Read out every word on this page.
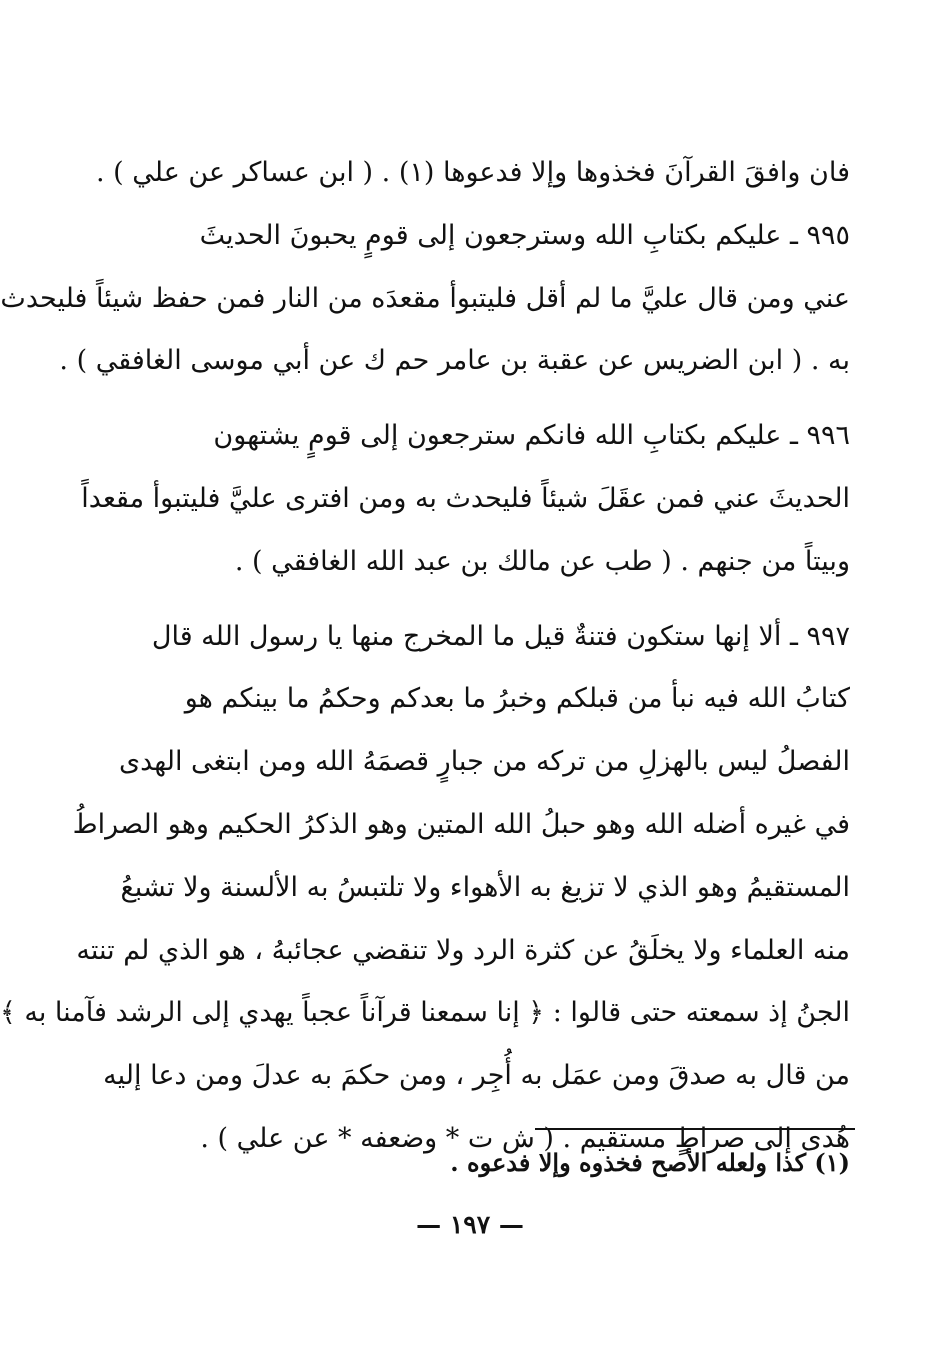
فان وافقَ القرآنَ فخذوها وإلا فدعوها (١) . ( ابن عساكر عن علي ) .
٩٩٥ ـ عليكم بكتابِ الله وسترجعون إلى قومٍ يحبونَ الحديثَ
عني ومن قال عليَّ ما لم أقل فليتبوأ مقعدَه من النار فمن حفظ شيئاً فليحدث
به . ( ابن الضريس عن عقبة بن عامر حم ك عن أبي موسى الغافقي ) .
٩٩٦ ـ عليكم بكتابِ الله فانكم سترجعون إلى قومٍ يشتهون
الحديثَ عني فمن عقَلَ شيئاً فليحدث به ومن افترى عليَّ فليتبوأ مقعداً
وبيتاً من جنهم . ( طب عن مالك بن عبد الله الغافقي ) .
٩٩٧ ـ ألا إنها ستكون فتنةٌ قيل ما المخرج منها يا رسول الله قال
كتابُ الله فيه نبأ من قبلكم وخبرُ ما بعدكم وحكمُ ما بينكم هو
الفصلُ ليس بالهزلِ من تركه من جبارٍ قصمَهُ الله ومن ابتغى الهدى
في غيره أضله الله وهو حبلُ الله المتين وهو الذكرُ الحكيم وهو الصراطُ
المستقيمُ وهو الذي لا تزيغ به الأهواء ولا تلتبسُ به الألسنة ولا تشبعُ
منه العلماء ولا يخلَقُ عن كثرة الرد ولا تنقضي عجائبهُ ، هو الذي لم تنته
الجنُ إذ سمعته حتى قالوا : ﴿ إنا سمعنا قرآناً عجباً يهدي إلى الرشد فآمنا به ﴾
من قال به صدقَ ومن عمَل به أُجِر ، ومن حكمَ به عدلَ ومن دعا إليه
هُدى إلى صراطٍ مستقيم . ( ش ت * وضعفه * عن علي ) .
(١) كذا ولعله الأصح فخذوه وإلا فدعوه .
— ١٩٧ —
